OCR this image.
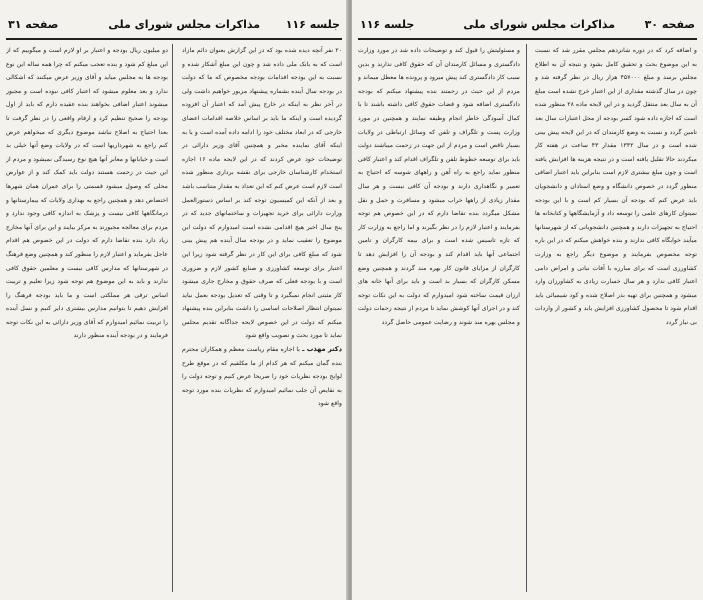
صفحه ۳۱	مذاکرات مجلس شورای ملی جلسه ۱۱۶

۲۰ نفر آنچه دیده شده بود که در این گزارش بعنوان دائم مازاد است که به بانک ملی داده شد و چون این مبلغ آشکار شده و نسبت به این بودجه اقدامات بودجه مخصوص که ما که دولت در بودجه سال آینده بشماره پیشنهاد مزبور خواهیم داشت ولی در آخر نظر به اینکه در خارج پیش آمد که اعتبار آن افزوده گردیده است و اینکه ما باید بر اساس خلاصه اقدامات اعضای خارجی که در ابعاد مختلف خود را ادامه داده آمده است و یا به اینکه آقای نماینده مخبر و همچنین آقای وزیر دارائی در توضیحات خود عرض کردند که در این لایحه ماده ۱۶ اجازه استخدام کارشناسان خارجی برای نقشه برداری منظور شده است لازم است عرض کنم که این تعداد به مقدار متناسب باشد و بعد از آنکه این کمیسیون توجه کند بر اساس دستورالعمل وزارت دارائی برای خرید تجهیزات و ساختمانهای جدید که در پنج سال اخیر هیچ اقدامی نشده است امیدوارم که دولت این موضوع را تعقیب نماید و در بودجه سال آینده هم پیش بینی شود که مبلغ کافی برای این کار در نظر گرفته شود زیرا این اعتبار برای توسعه کشاورزی و صنایع کشور لازم و ضروری است و با بودجه فعلی که صرف حقوق و مخارج جاری میشود کار مثبتی انجام نمیگیرد و تا وقتی که تعدیل بودجه بعمل نیاید نمیتوان انتظار اصلاحات اساسی را داشت بنابراین بنده پیشنهاد میکنم که دولت در این خصوص لایحه جداگانه تقدیم مجلس نماید تا مورد بحث و تصویب واقع شود

دکتر مهذب ـ با اجازه مقام ریاست معظم و همکاران محترم بنده گمان میکنم که هر کدام از ما مکلفیم که در موقع طرح لوایح بودجه نظریات خود را صریحا عرض کنیم و توجه دولت را به نقایص آن جلب نمائیم امیدوارم که نظریات بنده مورد توجه واقع شود

دو میلیون ریال بودجه و اعتبار بر او لازم است و میگوییم که از این مبلغ کم شود و بنده تعجب میکنم که چرا همه ساله این نوع بودجه ها به مجلس میاید و آقای وزیر عرض میکنند که اشکالی ندارد و بعد معلوم میشود که اعتبار کافی نبوده است و مجبور میشوند اعتبار اضافی بخواهند بنده عقیده دارم که باید از اول بودجه را صحیح تنظیم کرد و ارقام واقعی را در نظر گرفت تا بعدا احتیاج به اصلاح نباشد موضوع دیگری که میخواهم عرض کنم راجع به شهرداریها است که در ولایات وضع آنها خیلی بد است و خیابانها و معابر آنها هیچ نوع رسیدگی نمیشود و مردم از این حیث در زحمت هستند دولت باید کمک کند و از عوارض محلی که وصول میشود قسمتی را برای عمران همان شهرها اختصاص دهد و همچنین راجع به بهداری ولایات که بیمارستانها و درمانگاهها کافی نیست و پزشک به اندازه کافی وجود ندارد و مردم برای معالجه مجبورند به مرکز بیایند و این برای آنها مخارج زیاد دارد بنده تقاضا دارم که دولت در این خصوص هم اقدام عاجل بفرماید و اعتبار لازم را منظور کند و همچنین وضع فرهنگ در شهرستانها که مدارس کافی نیست و معلمین حقوق کافی ندارند و باید به این موضوع هم توجه شود زیرا تعلیم و تربیت اساس ترقی هر مملکتی است و ما باید بودجه فرهنگ را افزایش دهیم تا بتوانیم مدارس بیشتری دایر کنیم و نسل آینده را تربیت نمائیم امیدوارم که آقای وزیر دارائی به این نکات توجه فرمایند و در بودجه آینده منظور دارند

صفحه ۳۰
مذاکرات مجلس شورای ملی
جلسه ۱۱۶

و اضافه کرد که در دوره شانزدهم مجلس مقرر شد که نسبت به این موضوع بحث و تحقیق کامل بشود و نتیجه آن به اطلاع مجلس برسد و مبلغ ۴۵۷۰۰۰ هزار ریال در نظر گرفته شد و چون در سال گذشته مقداری از این اعتبار خرج نشده است مبلغ آن به سال بعد منتقل گردید و در این لایحه ماده ۲۸ منظور شده است که اجازه داده شود کسر بودجه از محل اعتبارات سال بعد تامین گردد و نسبت به وضع کارمندان که در این لایحه پیش بینی شده است و در سال ۱۳۳۲ مقدار ۴۳ ساعت در هفته کار میکردند حالا تقلیل یافته است و در نتیجه هزینه ها افزایش یافته است و چون مبلغ بیشتری لازم است بنابراین باید اعتبار اضافی منظور گردد در خصوص دانشگاه و وضع استادان و دانشجویان باید عرض کنم که بودجه آن بسیار کم است و با این بودجه نمیتوان کارهای علمی را توسعه داد و آزمایشگاهها و کتابخانه ها احتیاج به تجهیزات دارند و همچنین دانشجویانی که از شهرستانها میآیند خوابگاه کافی ندارند و بنده خواهش میکنم که در این باره توجه مخصوص بفرمایند و موضوع دیگر راجع به وزارت کشاورزی است که برای مبارزه با آفات نباتی و امراض دامی اعتبار کافی ندارد و هر سال خسارت زیادی به کشاورزان وارد میشود و همچنین برای تهیه بذر اصلاح شده و کود شیمیائی باید اقدام شود تا محصول کشاورزی افزایش یابد و کشور از واردات بی نیاز گردد

و مسئولیتش را قبول کند و توضیحات داده شد در مورد وزارت دادگستری و مسائل کارمندان آن که حقوق کافی ندارند و بدین سبب کار دادگستری کند پیش میرود و پرونده ها معطل میماند و مردم از این حیث در زحمتند بنده پیشنهاد میکنم که بودجه دادگستری اضافه شود و قضات حقوق کافی داشته باشند تا با کمال آسودگی خاطر انجام وظیفه نمایند و همچنین در مورد وزارت پست و تلگراف و تلفن که وسائل ارتباطی در ولایات بسیار ناقص است و مردم از این جهت در زحمت میباشند دولت باید برای توسعه خطوط تلفن و تلگراف اقدام کند و اعتبار کافی منظور نماید راجع به راه آهن و راههای شوسه که احتیاج به تعمیر و نگاهداری دارند و بودجه آن کافی نیست و هر سال مقدار زیادی از راهها خراب میشود و مسافرت و حمل و نقل مشکل میگردد بنده تقاضا دارم که در این خصوص هم توجه بفرمایند و اعتبار لازم را در نظر بگیرند و اما راجع به وزارت کار که تازه تاسیس شده است و برای بیمه کارگران و تامین اجتماعی آنها باید اقدام کند و بودجه آن را افزایش دهد تا کارگران از مزایای قانون کار بهره مند گردند و همچنین وضع مسکن کارگران که بسیار بد است و باید برای آنها خانه های ارزان قیمت ساخته شود امیدوارم که دولت به این نکات توجه کند و در اجرای آنها کوشش نماید تا مردم از نتیجه زحمات دولت و مجلس بهره مند شوند و رضایت عمومی حاصل گردد
